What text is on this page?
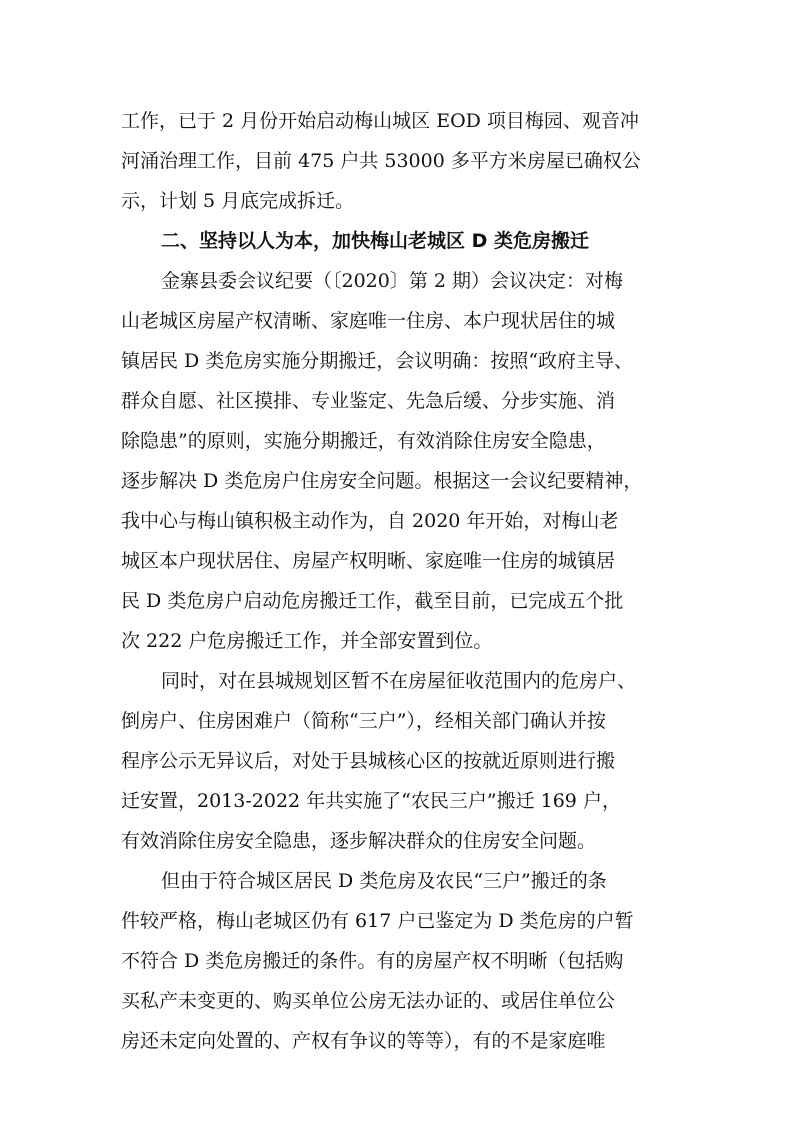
工作，已于 2 月份开始启动梅山城区 EOD 项目梅园、观音冲
河涌治理工作，目前 475 户共 53000 多平方米房屋已确权公
示，计划 5 月底完成拆迁。
二、坚持以人为本，加快梅山老城区 D 类危房搬迁
金寨县委会议纪要（〔2020〕第 2 期）会议决定：对梅
山老城区房屋产权清晰、家庭唯一住房、本户现状居住的城
镇居民 D 类危房实施分期搬迁，会议明确：按照“政府主导、
群众自愿、社区摸排、专业鉴定、先急后缓、分步实施、消
除隐患”的原则，实施分期搬迁，有效消除住房安全隐患，
逐步解决 D 类危房户住房安全问题。根据这一会议纪要精神，
我中心与梅山镇积极主动作为，自 2020 年开始，对梅山老
城区本户现状居住、房屋产权明晰、家庭唯一住房的城镇居
民 D 类危房户启动危房搬迁工作，截至目前，已完成五个批
次 222 户危房搬迁工作，并全部安置到位。
同时，对在县城规划区暂不在房屋征收范围内的危房户、
倒房户、住房困难户（简称“三户”），经相关部门确认并按
程序公示无异议后，对处于县城核心区的按就近原则进行搬
迁安置，2013-2022 年共实施了“农民三户”搬迁 169 户，
有效消除住房安全隐患，逐步解决群众的住房安全问题。
但由于符合城区居民 D 类危房及农民“三户”搬迁的条
件较严格，梅山老城区仍有 617 户已鉴定为 D 类危房的户暂
不符合 D 类危房搬迁的条件。有的房屋产权不明晰（包括购
买私产未变更的、购买单位公房无法办证的、或居住单位公
房还未定向处置的、产权有争议的等等），有的不是家庭唯
